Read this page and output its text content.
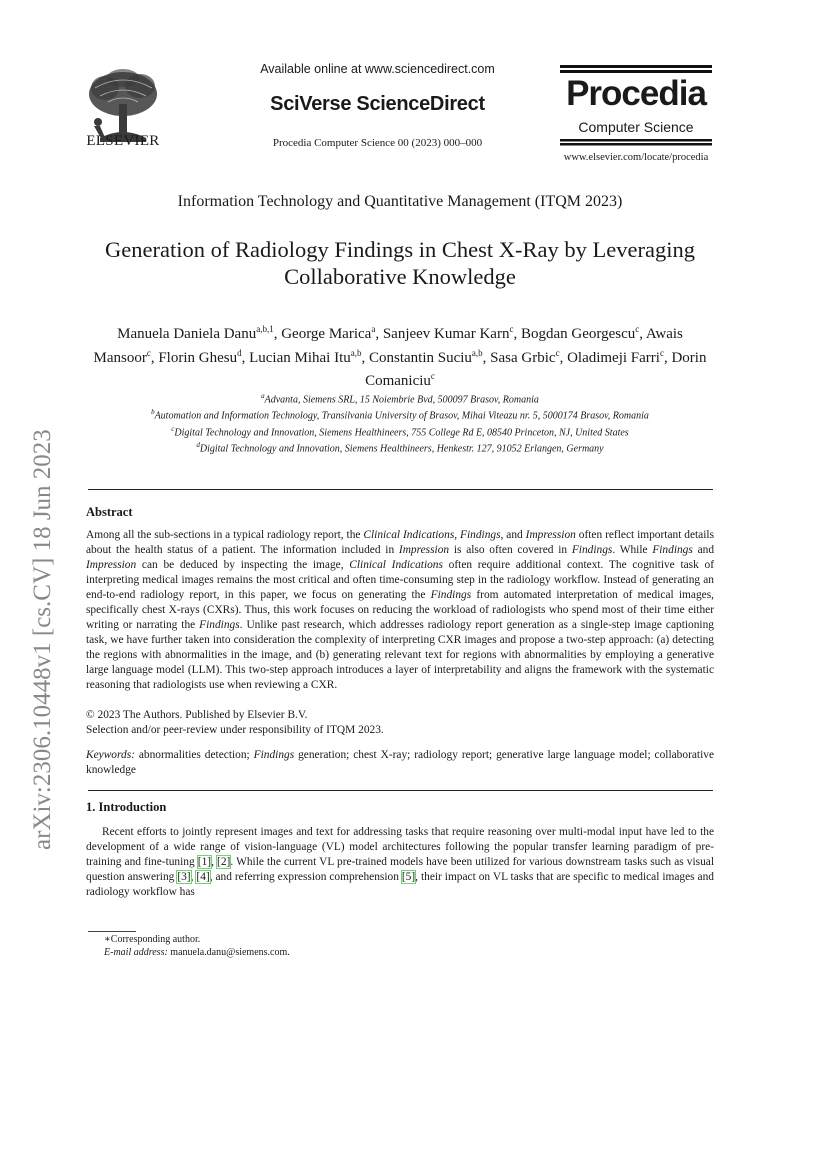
arXiv:2306.10448v1 [cs.CV] 18 Jun 2023
ELSEVIER
Available online at www.sciencedirect.com
SciVerse ScienceDirect
Procedia Computer Science 00 (2023) 000–000
Procedia
Computer Science
www.elsevier.com/locate/procedia
Information Technology and Quantitative Management (ITQM 2023)
Generation of Radiology Findings in Chest X-Ray by Leveraging
Collaborative Knowledge
Manuela Daniela Danu$^{a,b,1}$, George Marica$^a$, Sanjeev Kumar Karn$^c$, Bogdan Georgescu$^c$, Awais Mansoor$^c$, Florin Ghesu$^d$, Lucian Mihai Itu$^{a,b}$, Constantin Suciu$^{a,b}$, Sasa Grbic$^c$, Oladimeji Farri$^c$, Dorin Comaniciu$^c$
$^a$Advanta, Siemens SRL, 15 Noiembrie Bvd, 500097 Brasov, Romania
$^b$Automation and Information Technology, Transilvania University of Brasov, Mihai Viteazu nr. 5, 5000174 Brasov, Romania
$^c$Digital Technology and Innovation, Siemens Healthineers, 755 College Rd E, 08540 Princeton, NJ, United States
$^d$Digital Technology and Innovation, Siemens Healthineers, Henkestr. 127, 91052 Erlangen, Germany
Abstract
Among all the sub-sections in a typical radiology report, the Clinical Indications, Findings, and Impression often reflect important details about the health status of a patient. The information included in Impression is also often covered in Findings. While Findings and Impression can be deduced by inspecting the image, Clinical Indications often require additional context. The cognitive task of interpreting medical images remains the most critical and often time-consuming step in the radiology workflow. Instead of generating an end-to-end radiology report, in this paper, we focus on generating the Findings from automated interpretation of medical images, specifically chest X-rays (CXRs). Thus, this work focuses on reducing the workload of radiologists who spend most of their time either writing or narrating the Findings. Unlike past research, which addresses radiology report generation as a single-step image captioning task, we have further taken into consideration the complexity of interpreting CXR images and propose a two-step approach: (a) detecting the regions with abnormalities in the image, and (b) generating relevant text for regions with abnormalities by employing a generative large language model (LLM). This two-step approach introduces a layer of interpretability and aligns the framework with the systematic reasoning that radiologists use when reviewing a CXR.
© 2023 The Authors. Published by Elsevier B.V.
Selection and/or peer-review under responsibility of ITQM 2023.
Keywords: abnormalities detection; Findings generation; chest X-ray; radiology report; generative large language model; collaborative knowledge
1. Introduction
Recent efforts to jointly represent images and text for addressing tasks that require reasoning over multi-modal input have led to the development of a wide range of vision-language (VL) model architectures following the popular transfer learning paradigm of pre-training and fine-tuning [1], [2]. While the current VL pre-trained models have been utilized for various downstream tasks such as visual question answering [3], [4], and referring expression comprehension [5], their impact on VL tasks that are specific to medical images and radiology workflow has
∗Corresponding author.
E-mail address: manuela.danu@siemens.com.
